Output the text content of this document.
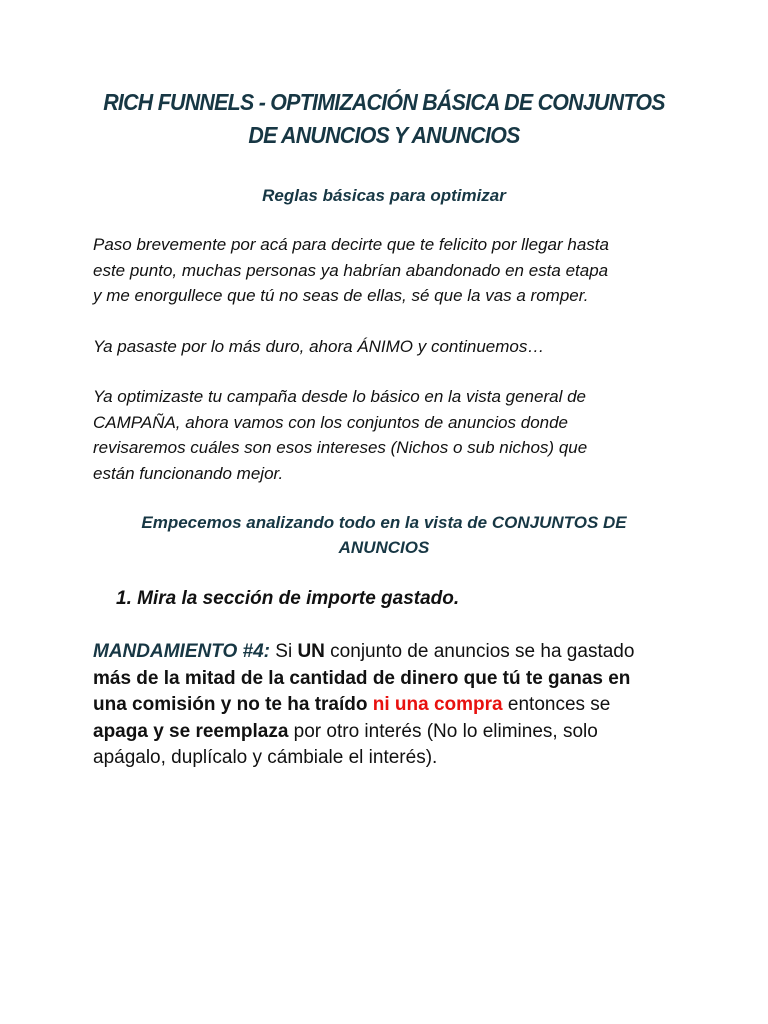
RICH FUNNELS - OPTIMIZACIÓN BÁSICA DE CONJUNTOS
DE ANUNCIOS Y ANUNCIOS
Reglas básicas para optimizar
Paso brevemente por acá para decirte que te felicito por llegar hasta
este punto, muchas personas ya habrían abandonado en esta etapa
y me enorgullece que tú no seas de ellas, sé que la vas a romper.
Ya pasaste por lo más duro, ahora ÁNIMO y continuemos…
Ya optimizaste tu campaña desde lo básico en la vista general de
CAMPAÑA, ahora vamos con los conjuntos de anuncios donde
revisaremos cuáles son esos intereses (Nichos o sub nichos) que
están funcionando mejor.
Empecemos analizando todo en la vista de CONJUNTOS DE
ANUNCIOS
1. Mira la sección de importe gastado.
MANDAMIENTO #4: Si UN conjunto de anuncios se ha gastado
más de la mitad de la cantidad de dinero que tú te ganas en
una comisión y no te ha traído ni una compra entonces se
apaga y se reemplaza por otro interés (No lo elimines, solo
apágalo, duplícalo y cámbiale el interés).
